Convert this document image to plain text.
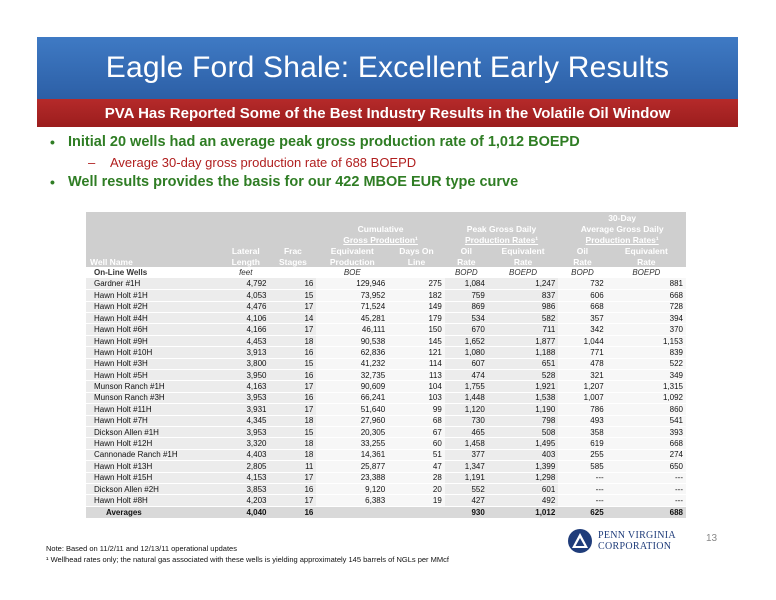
Eagle Ford Shale: Excellent Early Results
PVA Has Reported Some of the Best Industry Results in the Volatile Oil Window
• Initial 20 wells had an average peak gross production rate of 1,012 BOEPD
–	Average 30-day gross production rate of 688 BOEPD
• Well results provides the basis for our 422 MBOE EUR type curve
							30-Day	
			Cumulative		Peak Gross Daily		Average Gross Daily	
			Gross Production¹		Production Rates¹		Production Rates¹	
	Lateral	Frac	Equivalent	Days On	Oil	Equivalent	Oil	Equivalent
Well Name	Length	Stages	Production	Line	Rate	Rate	Rate	Rate
On-Line Wells	feet		BOE		BOPD	BOEPD	BOPD	BOEPD
Gardner #1H	4,792	16	129,946	275	1,084	1,247	732	881
Hawn Holt #1H	4,053	15	73,952	182	759	837	606	668
Hawn Holt #2H	4,476	17	71,524	149	869	986	668	728
Hawn Holt #4H	4,106	14	45,281	179	534	582	357	394
Hawn Holt #6H	4,166	17	46,111	150	670	711	342	370
Hawn Holt #9H	4,453	18	90,538	145	1,652	1,877	1,044	1,153
Hawn Holt #10H	3,913	16	62,836	121	1,080	1,188	771	839
Hawn Holt #3H	3,800	15	41,232	114	607	651	478	522
Hawn Holt #5H	3,950	16	32,735	113	474	528	321	349
Munson Ranch #1H	4,163	17	90,609	104	1,755	1,921	1,207	1,315
Munson Ranch #3H	3,953	16	66,241	103	1,448	1,538	1,007	1,092
Hawn Holt #11H	3,931	17	51,640	99	1,120	1,190	786	860
Hawn Holt #7H	4,345	18	27,960	68	730	798	493	541
Dickson Allen #1H	3,953	15	20,305	67	465	508	358	393
Hawn Holt #12H	3,320	18	33,255	60	1,458	1,495	619	668
Cannonade Ranch #1H	4,403	18	14,361	51	377	403	255	274
Hawn Holt #13H	2,805	11	25,877	47	1,347	1,399	585	650
Hawn Holt #15H	4,153	17	23,388	28	1,191	1,298	---	---
Dickson Allen #2H	3,853	16	9,120	20	552	601	---	---
Hawn Holt #8H	4,203	17	6,383	19	427	492	---	---
Averages	4,040	16			930	1,012	625	688
Note: Based on 11/2/11 and 12/13/11 operational updates
¹ Wellhead rates only; the natural gas associated with these wells is yielding approximately 145 barrels of NGLs per MMcf
PENN VIRGINIA
CORPORATION
13
